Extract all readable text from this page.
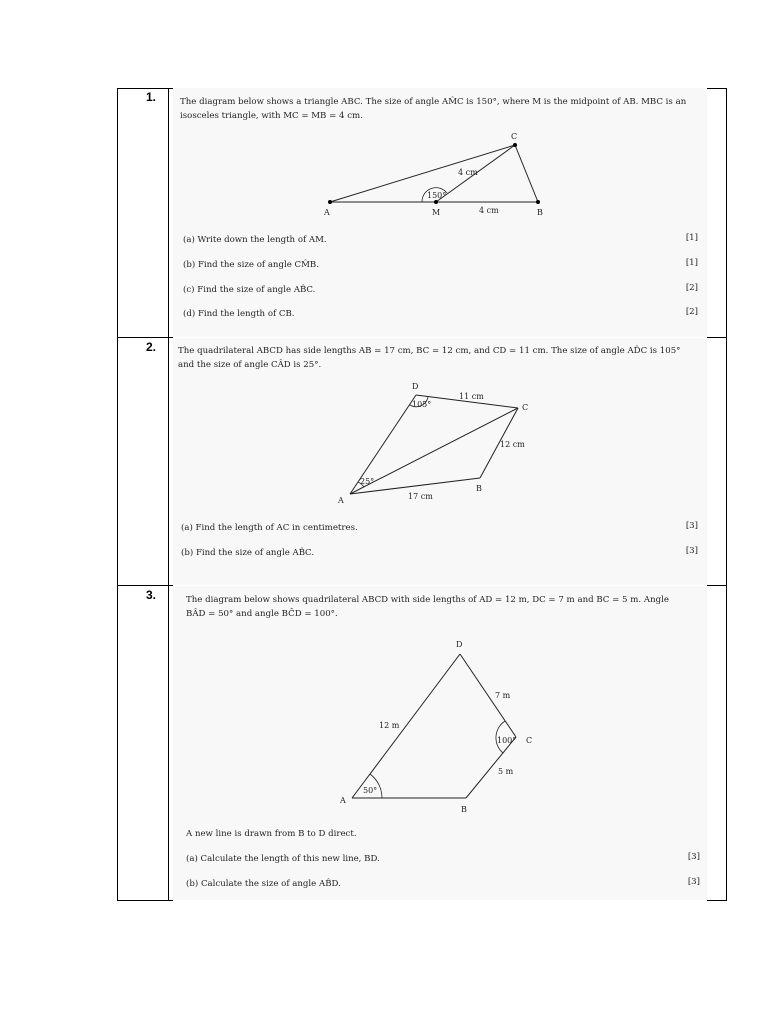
1.	The diagram below shows a triangle ABC. The size of angle AM̂C is 150°, where M is the midpoint of AB. MBC is an
isosceles triangle, with MC = MB = 4 cm.
A	M	B
C
4 cm
4 cm
150°
(a) Write down the length of AM.	[1]
(b) Find the size of angle CM̂B.	[1]
(c) Find the size of angle AB̂C.	[2]
(d) Find the length of CB.	[2]
2.	The quadrilateral ABCD has side lengths AB = 17 cm, BC = 12 cm, and CD = 11 cm. The size of angle AD̂C is 105°
and the size of angle CÂD is 25°.
D
C
B
A
11 cm
12 cm
17 cm
105°
25°
(a) Find the length of AC in centimetres.	[3]
(b) Find the size of angle AB̂C.	[3]
3.	The diagram below shows quadrilateral ABCD with side lengths of AD = 12 m, DC = 7 m and BC = 5 m. Angle
BÂD = 50° and angle BĈD = 100°.
D
C
B
A
12 m
7 m
5 m
50°
100°
A new line is drawn from B to D direct.
(a) Calculate the length of this new line, BD.	[3]
(b) Calculate the size of angle AB̂D.	[3]
